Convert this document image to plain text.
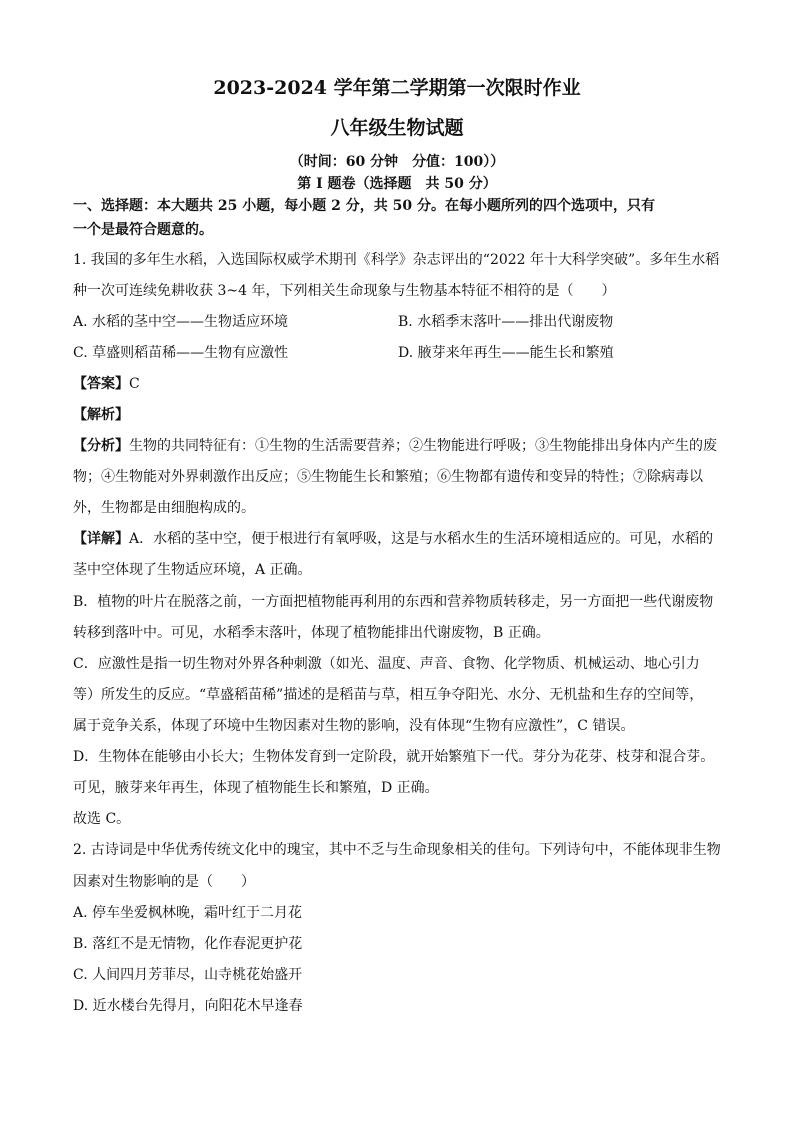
2023-2024 学年第二学期第一次限时作业
八年级生物试题
（时间：60 分钟　分值：100））
第 I 题卷（选择题　共 50 分）
一、选择题：本大题共 25 小题，每小题 2 分，共 50 分。在每小题所列的四个选项中，只有
一个是最符合题意的。
1. 我国的多年生水稻，入选国际权威学术期刊《科学》杂志评出的“2022 年十大科学突破”。多年生水稻
种一次可连续免耕收获 3~4 年，下列相关生命现象与生物基本特征不相符的是（　　）
A. 水稻的茎中空——生物适应环境	B. 水稻季末落叶——排出代谢废物
C. 草盛则稻苗稀——生物有应激性	D. 腋芽来年再生——能生长和繁殖
【答案】C
【解析】
【分析】生物的共同特征有：①生物的生活需要营养；②生物能进行呼吸；③生物能排出身体内产生的废
物；④生物能对外界刺激作出反应；⑤生物能生长和繁殖；⑥生物都有遗传和变异的特性；⑦除病毒以
外，生物都是由细胞构成的。
【详解】A．水稻的茎中空，便于根进行有氧呼吸，这是与水稻水生的生活环境相适应的。可见，水稻的
茎中空体现了生物适应环境，A 正确。
B．植物的叶片在脱落之前，一方面把植物能再利用的东西和营养物质转移走，另一方面把一些代谢废物
转移到落叶中。可见，水稻季末落叶，体现了植物能排出代谢废物，B 正确。
C．应激性是指一切生物对外界各种刺激（如光、温度、声音、食物、化学物质、机械运动、地心引力
等）所发生的反应。“草盛稻苗稀”描述的是稻苗与草，相互争夺阳光、水分、无机盐和生存的空间等，
属于竞争关系，体现了环境中生物因素对生物的影响，没有体现“生物有应激性”，C 错误。
D．生物体在能够由小长大；生物体发育到一定阶段，就开始繁殖下一代。芽分为花芽、枝芽和混合芽。
可见，腋芽来年再生，体现了植物能生长和繁殖，D 正确。
故选 C。
2. 古诗词是中华优秀传统文化中的瑰宝，其中不乏与生命现象相关的佳句。下列诗句中，不能体现非生物
因素对生物影响的是（　　）
A. 停车坐爱枫林晚，霜叶红于二月花
B. 落红不是无情物，化作春泥更护花
C. 人间四月芳菲尽，山寺桃花始盛开
D. 近水楼台先得月，向阳花木早逢春
